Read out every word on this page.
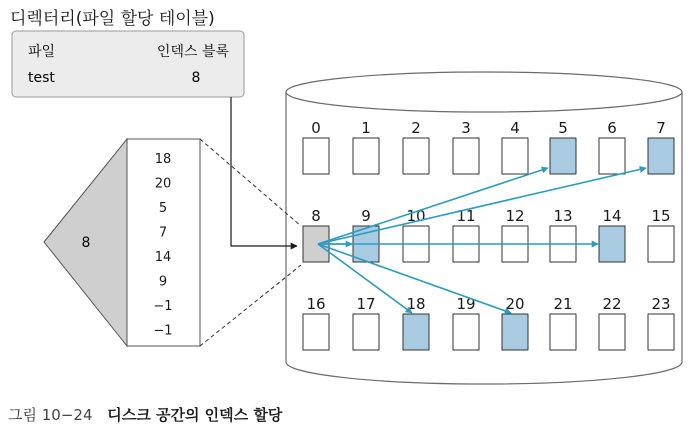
디렉터리(파일 할당 테이블)
파일	인덱스 블록
test	8
8
18
20
5
7
14
9
−1
−1
0	1	2	3	4	5	6	7
8	9 10 11 12 13 14 15
16 17 18 19 20 21 22 23
그림 10−24 디스크 공간의 인덱스 할당
